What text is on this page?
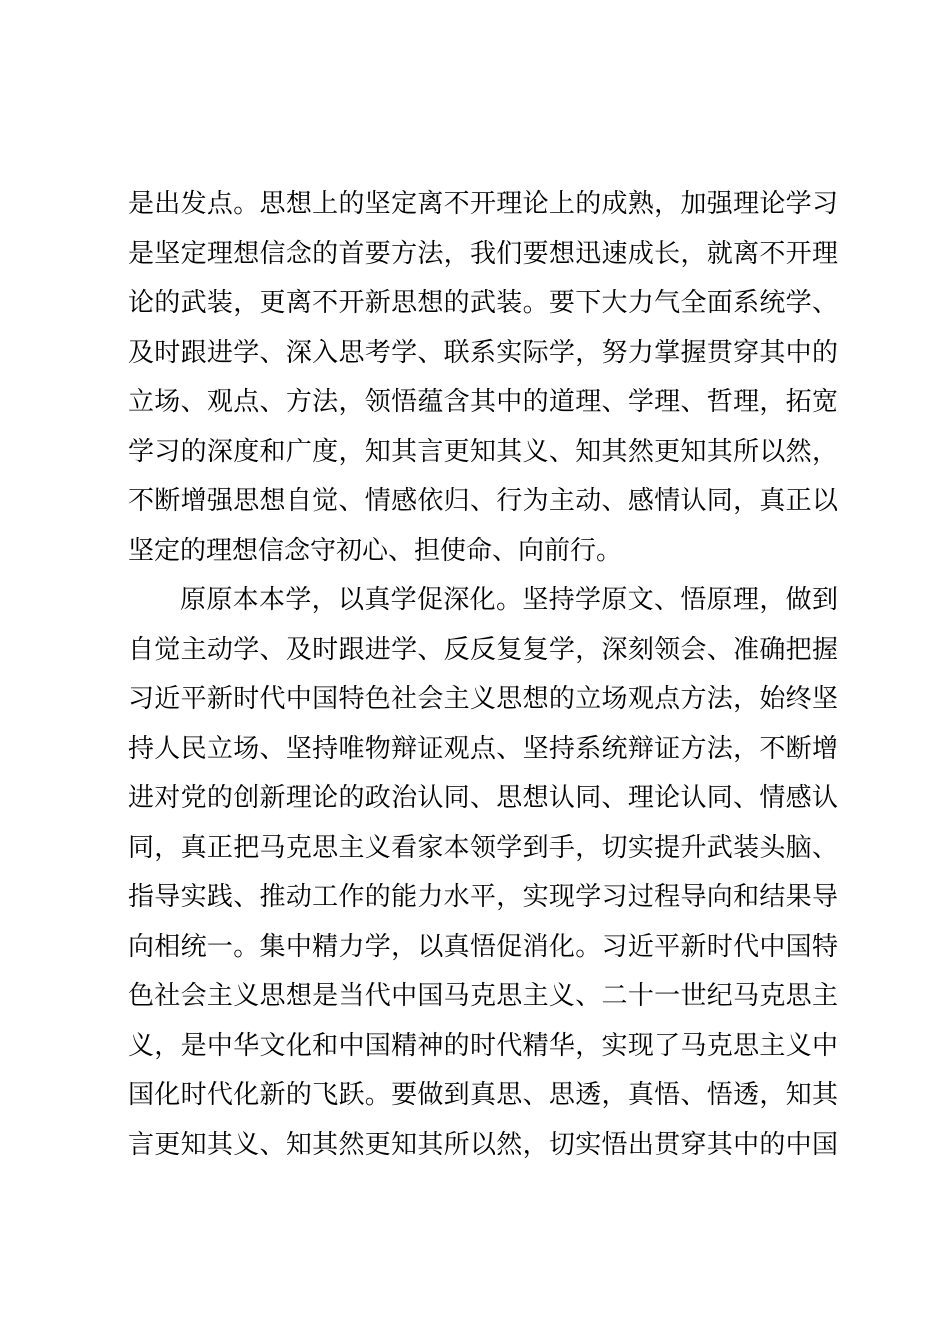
是出发点。思想上的坚定离不开理论上的成熟，加强理论学习
是坚定理想信念的首要方法，我们要想迅速成长，就离不开理
论的武装，更离不开新思想的武装。要下大力气全面系统学、
及时跟进学、深入思考学、联系实际学，努力掌握贯穿其中的
立场、观点、方法，领悟蕴含其中的道理、学理、哲理，拓宽
学习的深度和广度，知其言更知其义、知其然更知其所以然，
不断增强思想自觉、情感依归、行为主动、感情认同，真正以
坚定的理想信念守初心、担使命、向前行。
原原本本学，以真学促深化。坚持学原文、悟原理，做到
自觉主动学、及时跟进学、反反复复学，深刻领会、准确把握
习近平新时代中国特色社会主义思想的立场观点方法，始终坚
持人民立场、坚持唯物辩证观点、坚持系统辩证方法，不断增
进对党的创新理论的政治认同、思想认同、理论认同、情感认
同，真正把马克思主义看家本领学到手，切实提升武装头脑、
指导实践、推动工作的能力水平，实现学习过程导向和结果导
向相统一。集中精力学，以真悟促消化。习近平新时代中国特
色社会主义思想是当代中国马克思主义、二十一世纪马克思主
义，是中华文化和中国精神的时代精华，实现了马克思主义中
国化时代化新的飞跃。要做到真思、思透，真悟、悟透，知其
言更知其义、知其然更知其所以然，切实悟出贯穿其中的中国
